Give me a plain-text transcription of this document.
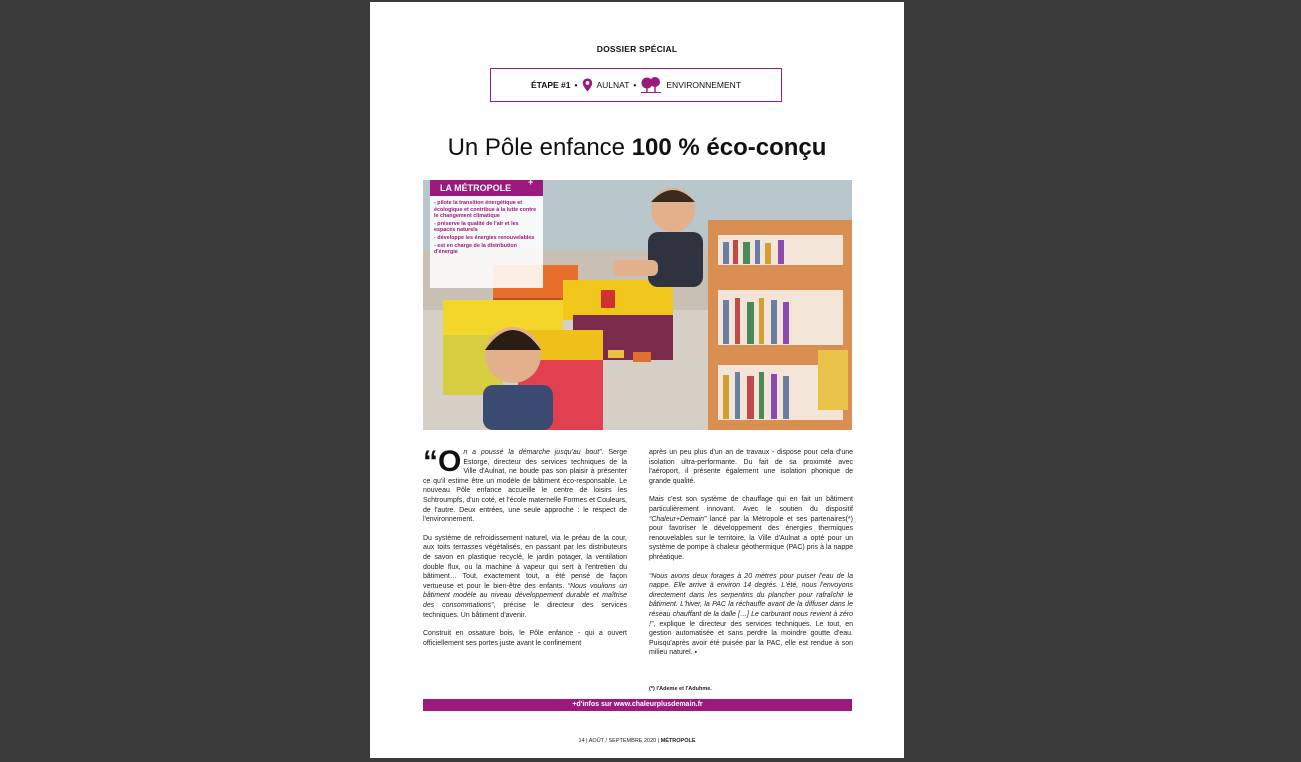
DOSSIER SPÉCIAL
ÉTAPE #1 • AULNAT •	ENVIRONNEMENT
Un Pôle enfance 100 % éco-conçu
LA MÉTROPOLE
+
- pilote la transition énergétique et écologique et contribue à la lutte contre le changement climatique
- préserve la qualité de l'air et les espaces naturels
- développe les énergies renouvelables
- est en charge de la distribution d'énergie

“On a poussé la démarche jusqu'au bout”. Serge Estorge, directeur des services techniques de la Ville d'Aulnat, ne boude pas son plaisir à présenter ce qu'il estime être un modèle de bâtiment éco-responsable. Le nouveau Pôle enfance accueille le centre de loisirs les Schtroumpfs, d'un coté, et l'école maternelle Formes et Couleurs, de l'autre. Deux entrées, une seule approche : le respect de l'environnement.

Du système de refroidissement naturel, via le préau de la cour, aux toits terrasses végétalisés, en passant par les distributeurs de savon en plastique recyclé, le jardin potager, la ventilation double flux, ou la machine à vapeur qui sert à l'entretien du bâtiment… Tout, exactement tout, a été pensé de façon vertueuse et pour le bien-être des enfants. “Nous voulions un bâtiment modèle au niveau développement durable et maîtrise des consommations”, précise le directeur des services techniques. Un bâtiment d'avenir.

Construit en ossature bois, le Pôle enfance - qui a ouvert officiellement ses portes juste avant le confinement

après un peu plus d'un an de travaux - dispose pour cela d'une isolation ultra-performante. Du fait de sa proximité avec l'aéroport, il présente également une isolation phonique de grande qualité.

Mais c'est son système de chauffage qui en fait un bâtiment particulièrement innovant. Avec le soutien du dispositif “Chaleur+Demain” lancé par la Métropole et ses partenaires(*) pour favoriser le développement des énergies thermiques renouvelables sur le territoire, la Ville d'Aulnat a opté pour un système de pompe à chaleur géothermique (PAC) pris à la nappe phréatique.

“Nous avons deux forages à 20 mètres pour puiser l'eau de la nappe. Elle arrive à environ 14 degrés. L'été, nous l'envoyons directement dans les serpentins du plancher pour rafraîchir le bâtiment. L'hiver, la PAC la réchauffe avant de la diffuser dans le réseau chauffant de la dalle […] Le carburant nous revient à zéro !”, explique le directeur des services techniques. Le tout, en gestion automatisée et sans perdre la moindre goutte d'eau. Puisqu'après avoir été puisée par la PAC, elle est rendue à son milieu naturel. ▪

(*) l'Ademe et l'Aduhme.
+d'infos sur www.chaleurplusdemain.fr
14 | AOÛT / SEPTEMBRE 2020 | MÉTROPOLE
